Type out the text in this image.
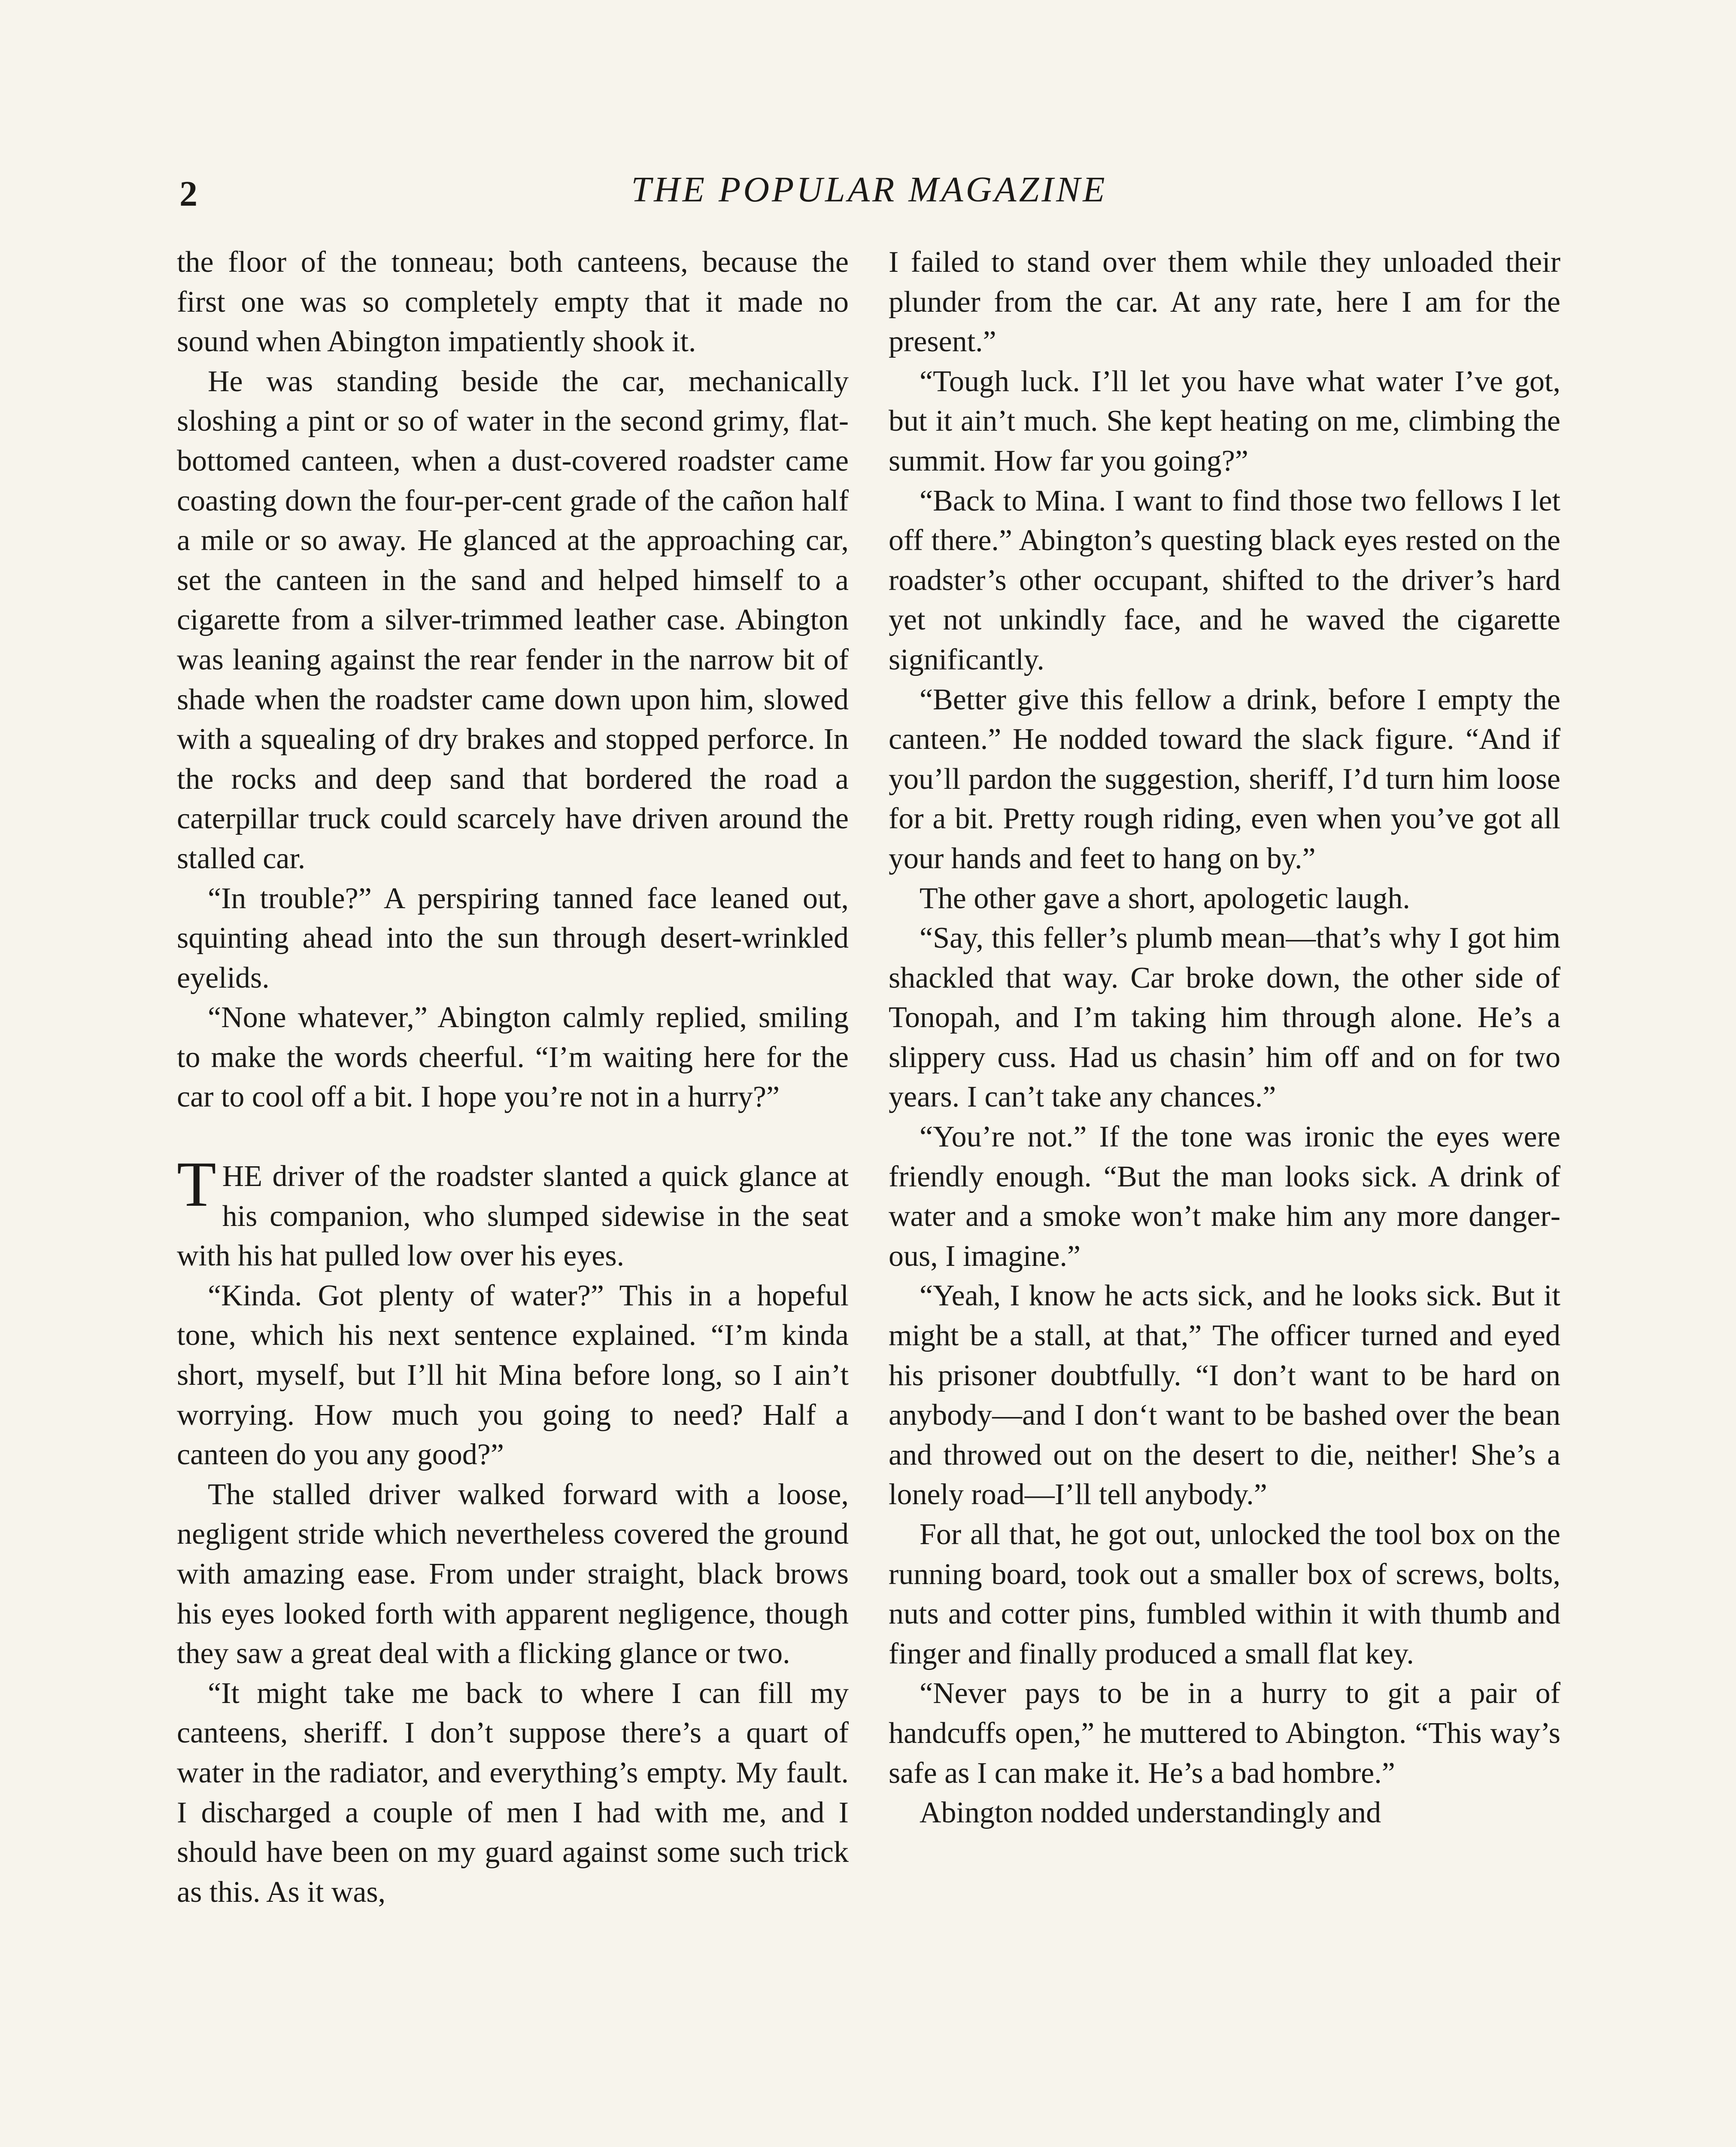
2	THE POPULAR MAGAZINE

the floor of the tonneau; both canteens, because the first one was so completely empty that it made no sound when Abington impatiently shook it.

He was standing beside the car, mechanically sloshing a pint or so of water in the second grimy, flat-bottomed canteen, when a dust-covered roadster came coasting down the four-per-cent grade of the cañon half a mile or so away. He glanced at the approaching car, set the canteen in the sand and helped himself to a cigarette from a silver-trimmed leather case. Abington was leaning against the rear fender in the narrow bit of shade when the roadster came down upon him, slowed with a squealing of dry brakes and stopped perforce. In the rocks and deep sand that bordered the road a caterpillar truck could scarcely have driven around the stalled car.

“In trouble?” A perspiring tanned face leaned out, squinting ahead into the sun through desert-wrinkled eyelids.

“None whatever,” Abington calmly replied, smiling to make the words cheerful. “I’m waiting here for the car to cool off a bit. I hope you’re not in a hurry?”

THE driver of the roadster slanted a quick glance at his companion, who slumped sidewise in the seat with his hat pulled low over his eyes.

“Kinda. Got plenty of water?” This in a hopeful tone, which his next sentence explained. “I’m kinda short, myself, but I’ll hit Mina before long, so I ain’t worrying. How much you going to need? Half a canteen do you any good?”

The stalled driver walked forward with a loose, negligent stride which nevertheless covered the ground with amazing ease. From under straight, black brows his eyes looked forth with apparent negligence, though they saw a great deal with a flicking glance or two.

“It might take me back to where I can fill my canteens, sheriff. I don’t suppose there’s a quart of water in the radiator, and everything’s empty. My fault. I discharged a couple of men I had with me, and I should have been on my guard against some such trick as this. As it was,

I failed to stand over them while they unloaded their plunder from the car. At any rate, here I am for the present.”

“Tough luck. I’ll let you have what water I’ve got, but it ain’t much. She kept heating on me, climbing the summit. How far you going?”

“Back to Mina. I want to find those two fellows I let off there.” Abington’s questing black eyes rested on the roadster’s other occupant, shifted to the driver’s hard yet not unkindly face, and he waved the cigarette significantly.

“Better give this fellow a drink, before I empty the canteen.” He nodded toward the slack figure. “And if you’ll pardon the suggestion, sheriff, I’d turn him loose for a bit. Pretty rough riding, even when you’ve got all your hands and feet to hang on by.”

The other gave a short, apologetic laugh.

“Say, this feller’s plumb mean—that’s why I got him shackled that way. Car broke down, the other side of Tonopah, and I’m taking him through alone. He’s a slippery cuss. Had us chasin’ him off and on for two years. I can’t take any chances.”

“You’re not.” If the tone was ironic the eyes were friendly enough. “But the man looks sick. A drink of water and a smoke won’t make him any more dangerous, I imagine.”

“Yeah, I know he acts sick, and he looks sick. But it might be a stall, at that,” The officer turned and eyed his prisoner doubtfully. “I don’t want to be hard on anybody—and I don‘t want to be bashed over the bean and throwed out on the desert to die, neither! She’s a lonely road—I’ll tell anybody.”

For all that, he got out, unlocked the tool box on the running board, took out a smaller box of screws, bolts, nuts and cotter pins, fumbled within it with thumb and finger and finally produced a small flat key.

“Never pays to be in a hurry to git a pair of handcuffs open,” he muttered to Abington. “This way’s safe as I can make it. He’s a bad hombre.”

Abington nodded understandingly and
